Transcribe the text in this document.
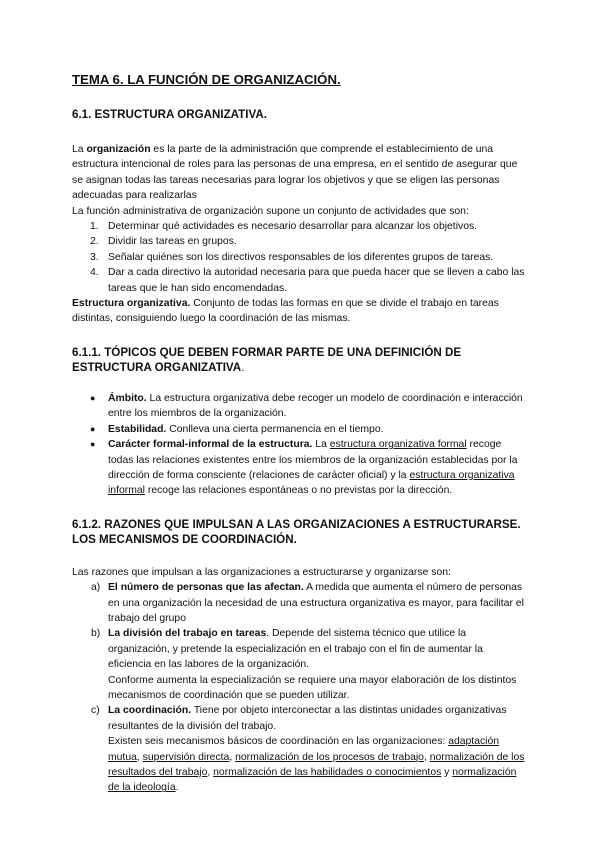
TEMA 6. LA FUNCIÓN DE ORGANIZACIÓN.
6.1. ESTRUCTURA ORGANIZATIVA.

La organización es la parte de la administración que comprende el establecimiento de una estructura intencional de roles para las personas de una empresa, en el sentido de asegurar que se asignan todas las tareas necesarias para lograr los objetivos y que se eligen las personas adecuadas para realizarlas

La función administrativa de organización supone un conjunto de actividades que son:

1. Determinar qué actividades es necesario desarrollar para alcanzar los objetivos.
2. Dividir las tareas en grupos.
3. Señalar quiénes son los directivos responsables de los diferentes grupos de tareas.
4. Dar a cada directivo la autoridad necesaria para que pueda hacer que se lleven a cabo las tareas que le han sido encomendadas.

Estructura organizativa. Conjunto de todas las formas en que se divide el trabajo en tareas distintas, consiguiendo luego la coordinación de las mismas.

6.1.1. TÓPICOS QUE DEBEN FORMAR PARTE DE UNA DEFINICIÓN DE ESTRUCTURA ORGANIZATIVA.
● Ámbito. La estructura organizativa debe recoger un modelo de coordinación e interacción entre los miembros de la organización.
● Estabilidad. Conlleva una cierta permanencia en el tiempo.
● Carácter formal-informal de la estructura. La estructura organizativa formal recoge todas las relaciones existentes entre los miembros de la organización establecidas por la dirección de forma consciente (relaciones de carácter oficial) y la estructura organizativa informal recoge las relaciones espontáneas o no previstas por la dirección.
6.1.2. RAZONES QUE IMPULSAN A LAS ORGANIZACIONES A ESTRUCTURARSE. LOS MECANISMOS DE COORDINACIÓN.

Las razones que impulsan a las organizaciones a estructurarse y organizarse son:

a) El número de personas que las afectan. A medida que aumenta el número de personas en una organización la necesidad de una estructura organizativa es mayor, para facilitar el trabajo del grupo
b) La división del trabajo en tareas. Depende del sistema técnico que utilice la organización, y pretende la especialización en el trabajo con el fin de aumentar la eficiencia en las labores de la organización.
Conforme aumenta la especialización se requiere una mayor elaboración de los distintos mecanismos de coordinación que se pueden utilizar.
c) La coordinación. Tiene por objeto interconectar a las distintas unidades organizativas resultantes de la división del trabajo.
Existen seis mecanismos básicos de coordinación en las organizaciones: adaptación mutua, supervisión directa, normalización de los procesos de trabajo, normalización de los resultados del trabajo, normalización de las habilidades o conocimientos y normalización de la ideología.
